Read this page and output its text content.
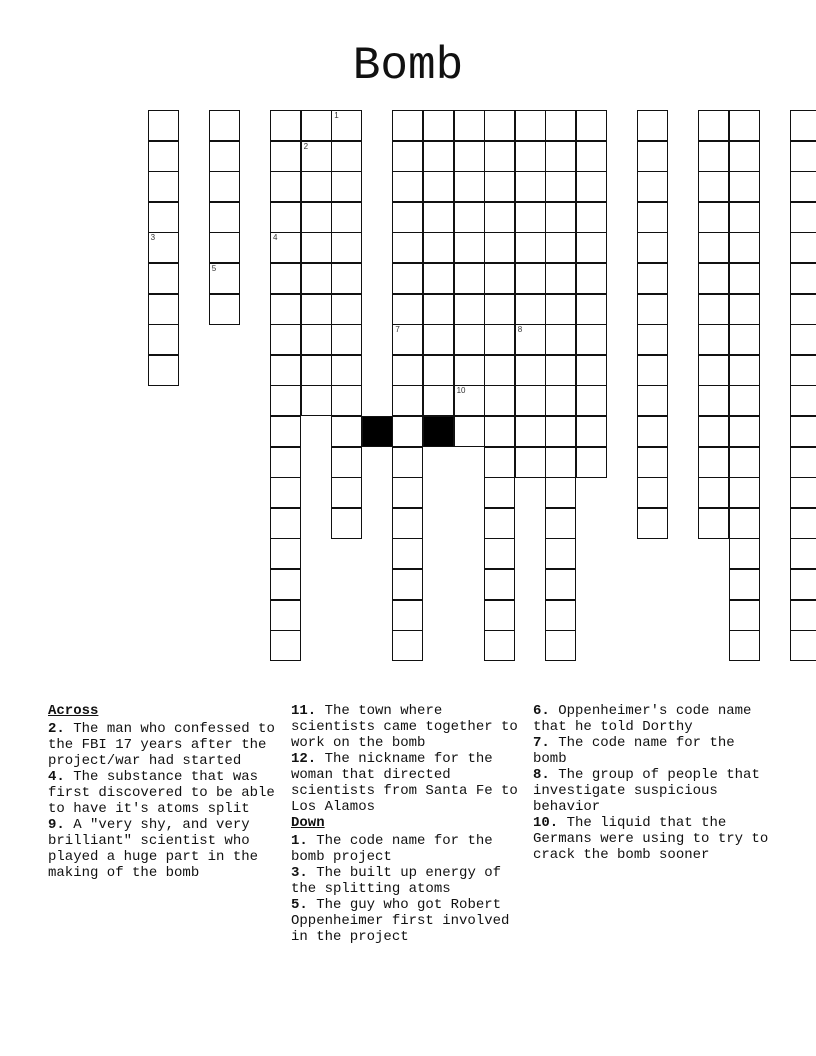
Bomb
3
5
4
2
1
7
10
8
Across
2. The man who confessed to the FBI 17 years after the project/war had started
4. The substance that was first discovered to be able to have it's atoms split
9. A "very shy, and very brilliant" scientist who played a huge part in the making of the bomb
11. The town where scientists came together to work on the bomb
12. The nickname for the woman that directed scientists from Santa Fe to Los Alamos
Down
1. The code name for the bomb project
3. The built up energy of the splitting atoms
5. The guy who got Robert Oppenheimer first involved in the project
6. Oppenheimer's code name that he told Dorthy
7. The code name for the bomb
8. The group of people that investigate suspicious behavior
10. The liquid that the Germans were using to try to crack the bomb sooner
